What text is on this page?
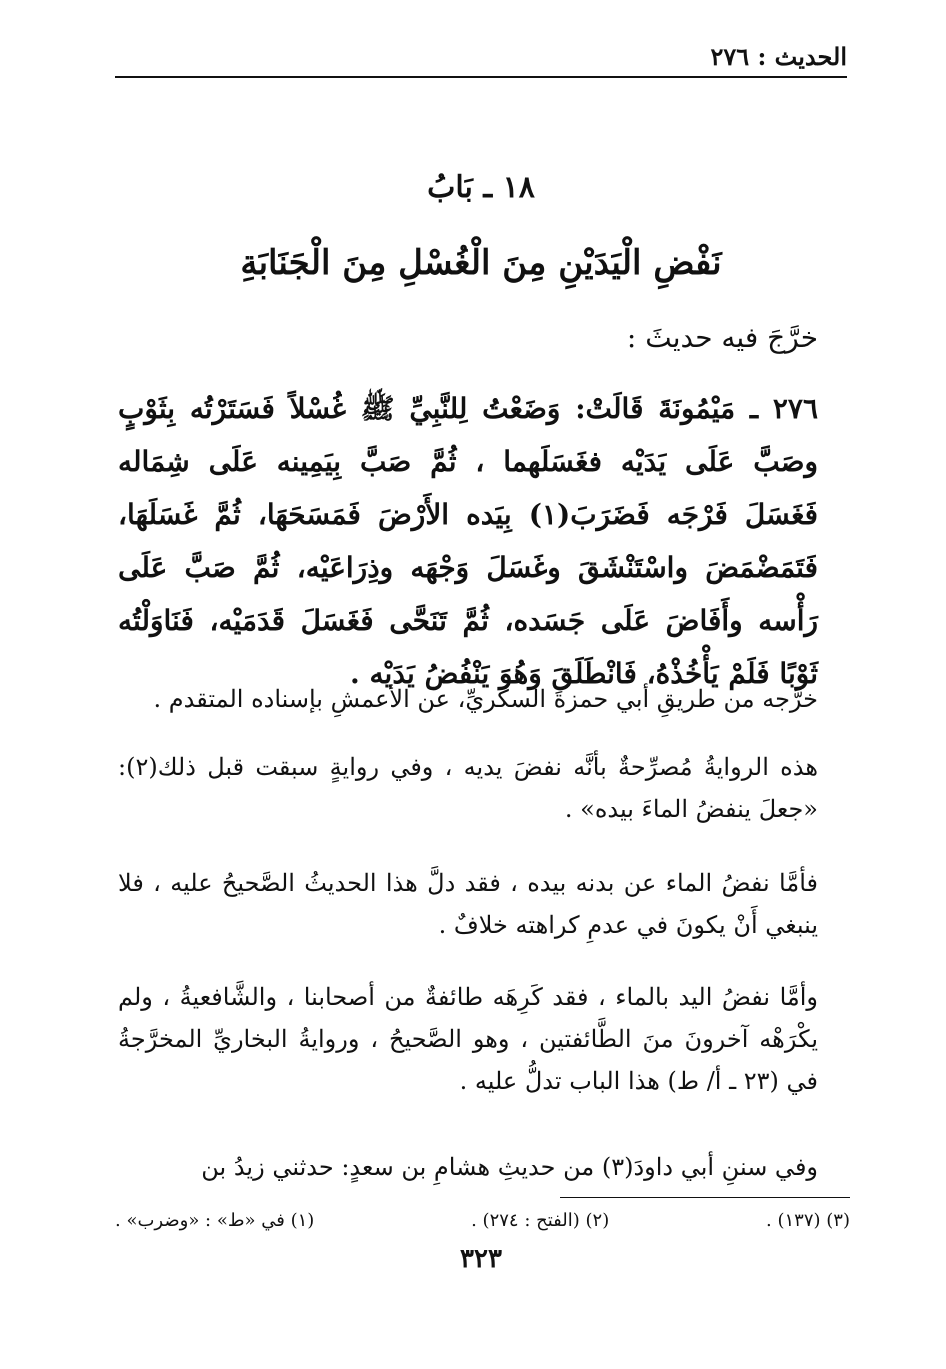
الحديث : ٢٧٦
١٨ ـ بَابُ
نَفْضِ الْيَدَيْنِ مِنَ الْغُسْلِ مِنَ الْجَنَابَةِ
خرَّجَ فيه حديثَ :
٢٧٦ ـ مَيْمُونَةَ قَالَتْ: وَضَعْتُ لِلنَّبِيِّ ﷺ غُسْلاً فَسَتَرْتُه بِثَوْبٍ وصَبَّ عَلَى يَدَيْه فغَسَلَهما ، ثُمَّ صَبَّ بِيَمِينه عَلَى شِمَاله فَغَسَلَ فَرْجَه فَضَرَبَ(١) بِيَده الأَرْضَ فَمَسَحَهَا، ثُمَّ غَسَلَهَا، فَتَمَضْمَضَ واسْتَنْشَقَ وغَسَلَ وَجْهَه وذِرَاعَيْه، ثُمَّ صَبَّ عَلَى رَأْسه وأَفَاضَ عَلَى جَسَده، ثُمَّ تَنَحَّى فَغَسَلَ قَدَمَيْه، فَنَاوَلْتُه ثَوْبًا فَلَمْ يَأْخُذْهُ، فَانْطَلَقَ وَهُوَ يَنْفُضُ يَدَيْه .
خرَّجه من طريقِ أبي حمزةَ السكريِّ، عن الأعمشِ بإسناده المتقدم .
هذه الروايةُ مُصرِّحةٌ بأنَّه نفضَ يديه ، وفي روايةٍ سبقت قبل ذلك(٢): «جعلَ ينفضُ الماءَ بيده» .
فأمَّا نفضُ الماء عن بدنه بيده ، فقد دلَّ هذا الحديثُ الصَّحيحُ عليه ، فلا ينبغي أَنْ يكونَ في عدمِ كراهته خلافٌ .
وأمَّا نفضُ اليد بالماء ، فقد كَرِهَه طائفةٌ من أصحابنا ، والشَّافعيةُ ، ولم يكْرَهْه آخرونَ منَ الطَّائفتين ، وهو الصَّحيحُ ، وروايةُ البخاريِّ المخرَّجةُ في (٢٣ ـ أ/ ط) هذا الباب تدلُّ عليه .
وفي سننِ أبي داودَ(٣) من حديثِ هشامِ بن سعدٍ: حدثني زيدُ بن
(١) في «ط» : «وضرب» .	(٢) (الفتح : ٢٧٤) .	(٣) (١٣٧) .
٣٢٣
